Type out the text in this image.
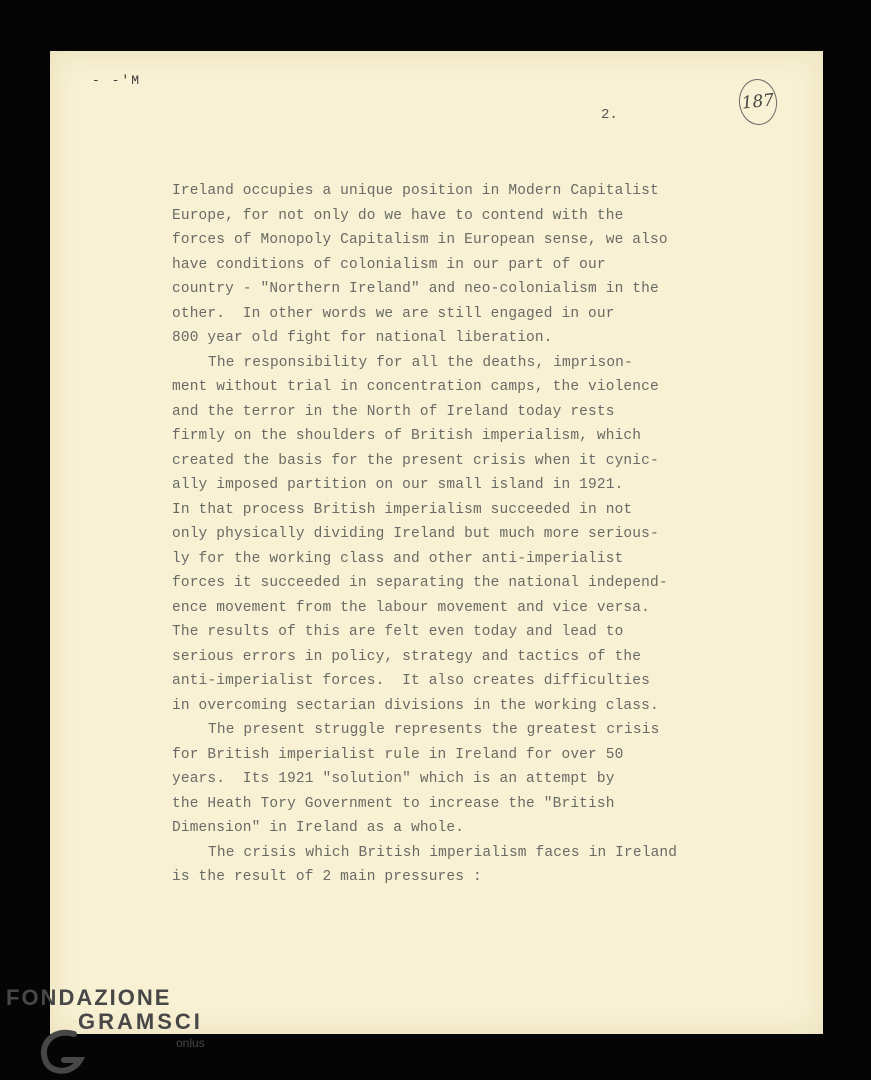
- -'M
2.
187
Ireland occupies a unique position in Modern Capitalist
Europe, for not only do we have to contend with the
forces of Monopoly Capitalism in European sense, we also
have conditions of colonialism in our part of our
country - "Northern Ireland" and neo-colonialism in the
other.  In other words we are still engaged in our
800 year old fight for national liberation.
The responsibility for all the deaths, imprison-
ment without trial in concentration camps, the violence
and the terror in the North of Ireland today rests
firmly on the shoulders of British imperialism, which
created the basis for the present crisis when it cynic-
ally imposed partition on our small island in 1921.
In that process British imperialism succeeded in not
only physically dividing Ireland but much more serious-
ly for the working class and other anti-imperialist
forces it succeeded in separating the national independ-
ence movement from the labour movement and vice versa.
The results of this are felt even today and lead to
serious errors in policy, strategy and tactics of the
anti-imperialist forces.  It also creates difficulties
in overcoming sectarian divisions in the working class.
The present struggle represents the greatest crisis
for British imperialist rule in Ireland for over 50
years.  Its 1921 "solution" which is an attempt by
the Heath Tory Government to increase the "British
Dimension" in Ireland as a whole.
The crisis which British imperialism faces in Ireland
is the result of 2 main pressures :
FONDAZIONE
GRAMSCI
onlus
